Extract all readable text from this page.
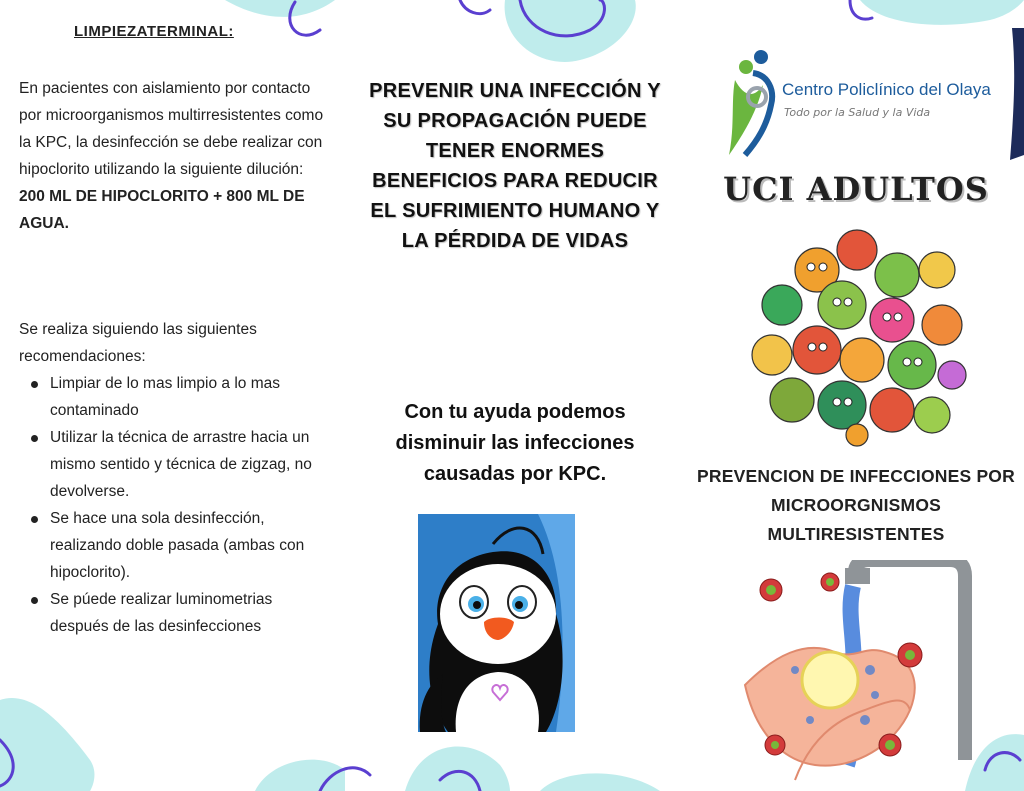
LIMPIEZATERMINAL:

En pacientes con aislamiento por contacto por microorganismos multirresistentes como la KPC, la desinfección se debe realizar con hipoclorito utilizando la siguiente dilución: 200 ML DE HIPOCLORITO + 800 ML DE AGUA.

Se realiza siguiendo las siguientes recomendaciones:

Limpiar de lo mas limpio a lo mas contaminado
Utilizar la técnica de arrastre hacia un mismo sentido y técnica de zigzag, no devolverse.
Se hace una sola desinfección, realizando doble pasada (ambas con hipoclorito).
Se púede realizar luminometrias después de las desinfecciones
PREVENIR UNA INFECCIÓN Y SU PROPAGACIÓN PUEDE TENER ENORMES BENEFICIOS PARA REDUCIR EL SUFRIMIENTO HUMANO Y LA PÉRDIDA DE VIDAS

Con tu ayuda podemos disminuir las infecciones causadas por KPC.

Centro Policlínico del Olaya
Todo por la Salud y la Vida
UCI ADULTOS
PREVENCION DE INFECCIONES POR MICROORGNISMOS MULTIRESISTENTES
